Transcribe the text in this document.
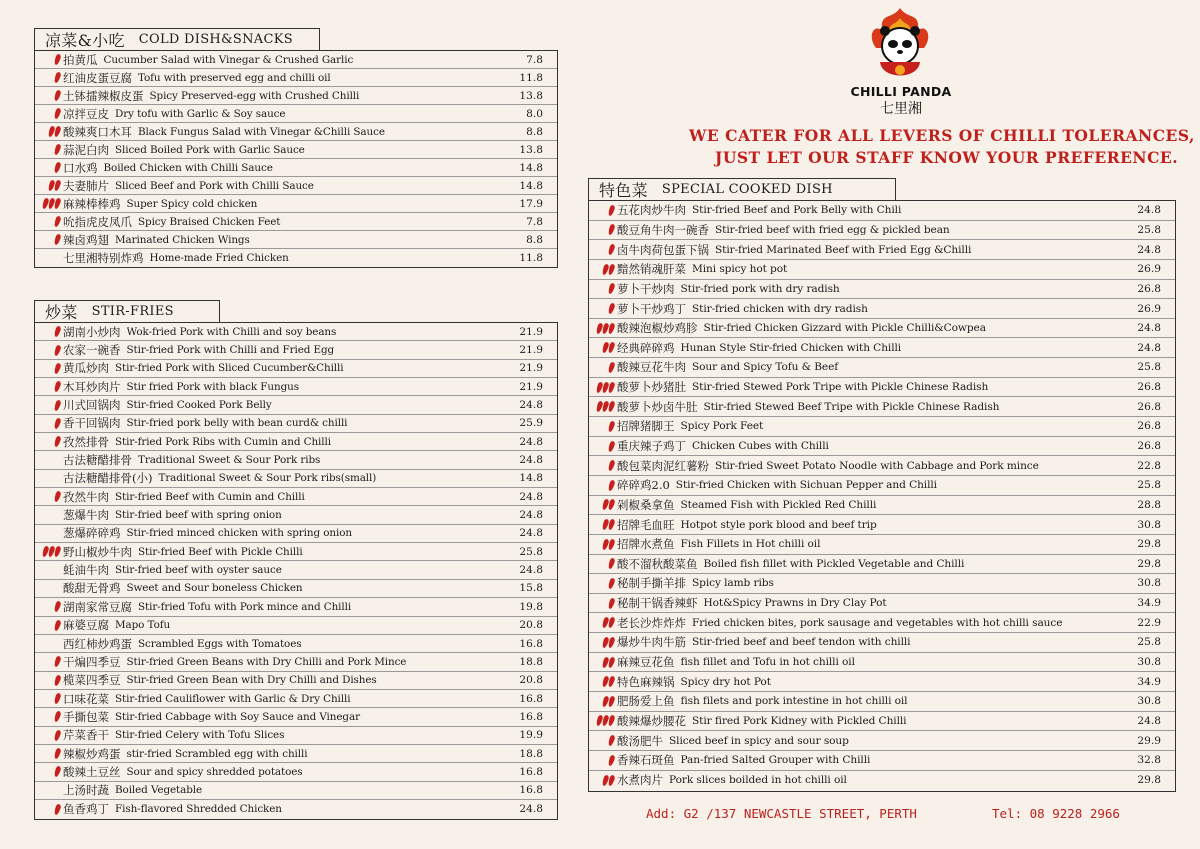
凉菜&小吃 COLD DISH&SNACKS
拍黄瓜 Cucumber Salad with Vinegar & Crushed Garlic	7.8
红油皮蛋豆腐 Tofu with preserved egg and chilli oil	11.8
土钵擂辣椒皮蛋 Spicy Preserved-egg with Crushed Chilli	13.8
凉拌豆皮 Dry tofu with Garlic & Soy sauce	8.0
酸辣爽口木耳 Black Fungus Salad with Vinegar &Chilli Sauce	8.8
蒜泥白肉 Sliced Boiled Pork with Garlic Sauce	13.8
口水鸡 Boiled Chicken with Chilli Sauce	14.8
夫妻肺片 Sliced Beef and Pork with Chilli Sauce	14.8
麻辣棒棒鸡 Super Spicy cold chicken	17.9
吮指虎皮凤爪 Spicy Braised Chicken Feet	7.8
辣卤鸡翅 Marinated Chicken Wings	8.8
七里湘特别炸鸡 Home-made Fried Chicken	11.8
炒菜 STIR-FRIES
湖南小炒肉 Wok-fried Pork with Chilli and soy beans	21.9
农家一碗香 Stir-fried Pork with Chilli and Fried Egg	21.9
黄瓜炒肉 Stir-fried Pork with Sliced Cucumber&Chilli	21.9
木耳炒肉片 Stir fried Pork with black Fungus	21.9
川式回锅肉 Stir-fried Cooked Pork Belly	24.8
香干回锅肉 Stir-fried pork belly with bean curd& chilli	25.9
孜然排骨 Stir-fried Pork Ribs with Cumin and Chilli	24.8
古法糖醋排骨 Traditional Sweet & Sour Pork ribs	24.8
古法糖醋排骨(小) Traditional Sweet & Sour Pork ribs(small)	14.8
孜然牛肉 Stir-fried Beef with Cumin and Chilli	24.8
葱爆牛肉 Stir-fried beef with spring onion	24.8
葱爆碎碎鸡 Stir-fried minced chicken with spring onion	24.8
野山椒炒牛肉 Stir-fried Beef with Pickle Chilli	25.8
蚝油牛肉 Stir-fried beef with oyster sauce	24.8
酸甜无骨鸡 Sweet and Sour boneless Chicken	15.8
湖南家常豆腐 Stir-fried Tofu with Pork mince and Chilli	19.8
麻婆豆腐 Mapo Tofu	20.8
西红柿炒鸡蛋 Scrambled Eggs with Tomatoes	16.8
干煸四季豆 Stir-fried Green Beans with Dry Chilli and Pork Mince	18.8
榄菜四季豆 Stir-fried Green Bean with Dry Chilli and Dishes	20.8
口味花菜 Stir-fried Cauliflower with Garlic & Dry Chilli	16.8
手撕包菜 Stir-fried Cabbage with Soy Sauce and Vinegar	16.8
芹菜香干 Stir-fried Celery with Tofu Slices	19.9
辣椒炒鸡蛋 stir-fried Scrambled egg with chilli	18.8
酸辣土豆丝 Sour and spicy shredded potatoes	16.8
上汤时蔬 Boiled Vegetable	16.8
鱼香鸡丁 Fish-flavored Shredded Chicken	24.8
CHILLI PANDA
七里湘
WE CATER FOR ALL LEVERS OF CHILLI TOLERANCES,
JUST LET OUR STAFF KNOW YOUR PREFERENCE.
特色菜 SPECIAL COOKED DISH
五花肉炒牛肉 Stir-fried Beef and Pork Belly with Chili	24.8
酸豆角牛肉一碗香 Stir-fried beef with fried egg & pickled bean	25.8
卤牛肉荷包蛋下锅 Stir-fried Marinated Beef with Fried Egg &Chilli	24.8
黯然销魂肝菜 Mini spicy hot pot	26.9
萝卜干炒肉 Stir-fried pork with dry radish	26.8
萝卜干炒鸡丁 Stir-fried chicken with dry radish	26.9
酸辣泡椒炒鸡胗 Stir-fried Chicken Gizzard with Pickle Chilli&Cowpea	24.8
经典碎碎鸡 Hunan Style Stir-fried Chicken with Chilli	24.8
酸辣豆花牛肉 Sour and Spicy Tofu & Beef	25.8
酸萝卜炒猪肚 Stir-fried Stewed Pork Tripe with Pickle Chinese Radish	26.8
酸萝卜炒卤牛肚 Stir-fried Stewed Beef Tripe with Pickle Chinese Radish	26.8
招牌猪脚王 Spicy Pork Feet	26.8
重庆辣子鸡丁 Chicken Cubes with Chilli	26.8
酸包菜肉泥红薯粉 Stir-fried Sweet Potato Noodle with Cabbage and Pork mince	22.8
碎碎鸡2.0 Stir-fried Chicken with Sichuan Pepper and Chilli	25.8
剁椒桑拿鱼 Steamed Fish with Pickled Red Chilli	28.8
招牌毛血旺 Hotpot style pork blood and beef trip	30.8
招牌水煮鱼 Fish Fillets in Hot chilli oil	29.8
酸不溜秋酸菜鱼 Boiled fish fillet with Pickled Vegetable and Chilli	29.8
秘制手撕羊排 Spicy lamb ribs	30.8
秘制干锅香辣虾 Hot&Spicy Prawns in Dry Clay Pot	34.9
老长沙炸炸炸 Fried chicken bites, pork sausage and vegetables with hot chilli sauce	22.9
爆炒牛肉牛筋 Stir-fried beef and beef tendon with chilli	25.8
麻辣豆花鱼 fish fillet and Tofu in hot chilli oil	30.8
特色麻辣锅 Spicy dry hot Pot	34.9
肥肠爱上鱼 fish filets and pork intestine in hot chilli oil	30.8
酸辣爆炒腰花 Stir fired Pork Kidney with Pickled Chilli	24.8
酸汤肥牛 Sliced beef in spicy and sour soup	29.9
香辣石斑鱼 Pan-fried Salted Grouper with Chilli	32.8
水煮肉片 Pork slices boilded in hot chilli oil	29.8
Add: G2 /137 NEWCASTLE STREET, PERTH	Tel: 08 9228 2966
